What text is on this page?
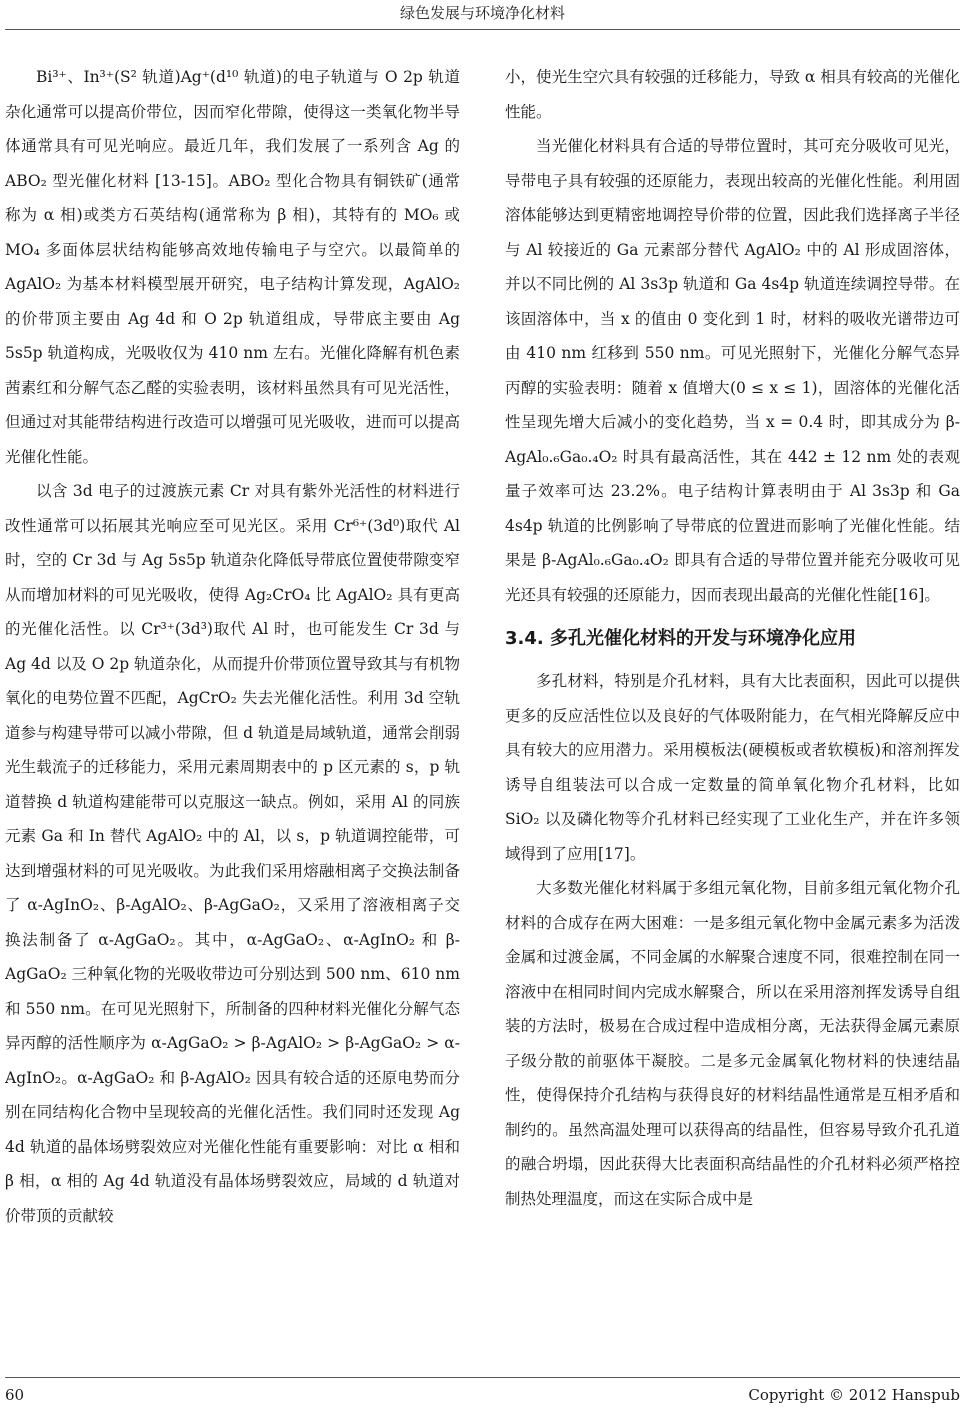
绿色发展与环境净化材料

Bi³⁺、In³⁺(S² 轨道)Ag⁺(d¹⁰ 轨道)的电子轨道与 O 2p 轨道杂化通常可以提高价带位，因而窄化带隙，使得这一类氧化物半导体通常具有可见光响应。最近几年，我们发展了一系列含 Ag 的 ABO₂ 型光催化材料 [13-15]。ABO₂ 型化合物具有铜铁矿(通常称为 α 相)或类方石英结构(通常称为 β 相)，其特有的 MO₆ 或 MO₄ 多面体层状结构能够高效地传输电子与空穴。以最简单的 AgAlO₂ 为基本材料模型展开研究，电子结构计算发现，AgAlO₂ 的价带顶主要由 Ag 4d 和 O 2p 轨道组成，导带底主要由 Ag 5s5p 轨道构成，光吸收仅为 410 nm 左右。光催化降解有机色素茜素红和分解气态乙醛的实验表明，该材料虽然具有可见光活性，但通过对其能带结构进行改造可以增强可见光吸收，进而可以提高光催化性能。

以含 3d 电子的过渡族元素 Cr 对具有紫外光活性的材料进行改性通常可以拓展其光响应至可见光区。采用 Cr⁶⁺(3d⁰)取代 Al 时，空的 Cr 3d 与 Ag 5s5p 轨道杂化降低导带底位置使带隙变窄从而增加材料的可见光吸收，使得 Ag₂CrO₄ 比 AgAlO₂ 具有更高的光催化活性。以 Cr³⁺(3d³)取代 Al 时，也可能发生 Cr 3d 与 Ag 4d 以及 O 2p 轨道杂化，从而提升价带顶位置导致其与有机物氧化的电势位置不匹配，AgCrO₂ 失去光催化活性。利用 3d 空轨道参与构建导带可以减小带隙，但 d 轨道是局域轨道，通常会削弱光生载流子的迁移能力，采用元素周期表中的 p 区元素的 s，p 轨道替换 d 轨道构建能带可以克服这一缺点。例如，采用 Al 的同族元素 Ga 和 In 替代 AgAlO₂ 中的 Al，以 s，p 轨道调控能带，可达到增强材料的可见光吸收。为此我们采用熔融相离子交换法制备了 α-AgInO₂、β-AgAlO₂、β-AgGaO₂，又采用了溶液相离子交换法制备了 α-AgGaO₂。其中，α-AgGaO₂、α-AgInO₂ 和 β-AgGaO₂ 三种氧化物的光吸收带边可分别达到 500 nm、610 nm 和 550 nm。在可见光照射下，所制备的四种材料光催化分解气态异丙醇的活性顺序为 α-AgGaO₂ > β-AgAlO₂ > β-AgGaO₂ > α-AgInO₂。α-AgGaO₂ 和 β-AgAlO₂ 因具有较合适的还原电势而分别在同结构化合物中呈现较高的光催化活性。我们同时还发现 Ag 4d 轨道的晶体场劈裂效应对光催化性能有重要影响：对比 α 相和 β 相，α 相的 Ag 4d 轨道没有晶体场劈裂效应，局域的 d 轨道对价带顶的贡献较

小，使光生空穴具有较强的迁移能力，导致 α 相具有较高的光催化性能。

当光催化材料具有合适的导带位置时，其可充分吸收可见光，导带电子具有较强的还原能力，表现出较高的光催化性能。利用固溶体能够达到更精密地调控导价带的位置，因此我们选择离子半径与 Al 较接近的 Ga 元素部分替代 AgAlO₂ 中的 Al 形成固溶体，并以不同比例的 Al 3s3p 轨道和 Ga 4s4p 轨道连续调控导带。在该固溶体中，当 x 的值由 0 变化到 1 时，材料的吸收光谱带边可由 410 nm 红移到 550 nm。可见光照射下，光催化分解气态异丙醇的实验表明：随着 x 值增大(0 ≤ x ≤ 1)，固溶体的光催化活性呈现先增大后减小的变化趋势，当 x = 0.4 时，即其成分为 β-AgAl₀.₆Ga₀.₄O₂ 时具有最高活性，其在 442 ± 12 nm 处的表观量子效率可达 23.2%。电子结构计算表明由于 Al 3s3p 和 Ga 4s4p 轨道的比例影响了导带底的位置进而影响了光催化性能。结果是 β-AgAl₀.₆Ga₀.₄O₂ 即具有合适的导带位置并能充分吸收可见光还具有较强的还原能力，因而表现出最高的光催化性能[16]。

3.4. 多孔光催化材料的开发与环境净化应用

多孔材料，特别是介孔材料，具有大比表面积，因此可以提供更多的反应活性位以及良好的气体吸附能力，在气相光降解反应中具有较大的应用潜力。采用模板法(硬模板或者软模板)和溶剂挥发诱导自组装法可以合成一定数量的简单氧化物介孔材料，比如 SiO₂ 以及磷化物等介孔材料已经实现了工业化生产，并在许多领域得到了应用[17]。

大多数光催化材料属于多组元氧化物，目前多组元氧化物介孔材料的合成存在两大困难：一是多组元氧化物中金属元素多为活泼金属和过渡金属，不同金属的水解聚合速度不同，很难控制在同一溶液中在相同时间内完成水解聚合，所以在采用溶剂挥发诱导自组装的方法时，极易在合成过程中造成相分离，无法获得金属元素原子级分散的前驱体干凝胶。二是多元金属氧化物材料的快速结晶性，使得保持介孔结构与获得良好的材料结晶性通常是互相矛盾和制约的。虽然高温处理可以获得高的结晶性，但容易导致介孔孔道的融合坍塌，因此获得大比表面积高结晶性的介孔材料必须严格控制热处理温度，而这在实际合成中是

60	Copyright © 2012 Hanspub
